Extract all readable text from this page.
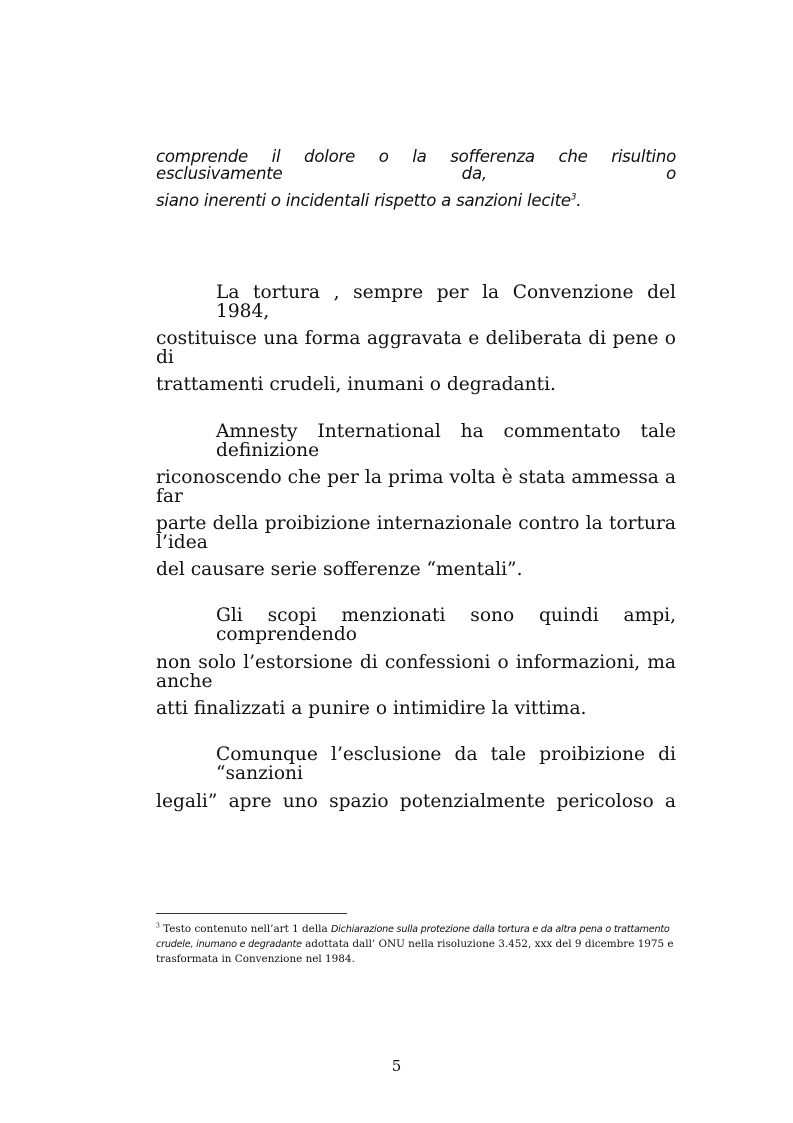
comprende il dolore o la sofferenza che risultino esclusivamente da, o
siano inerenti o incidentali rispetto a sanzioni lecite$^3$.
La tortura , sempre per la Convenzione del 1984,
costituisce una forma aggravata e deliberata di pene o di
trattamenti crudeli, inumani o degradanti.
Amnesty International ha commentato tale definizione
riconoscendo che per la prima volta è stata ammessa a far
parte della proibizione internazionale contro la tortura l’idea
del causare serie sofferenze “mentali”.
Gli scopi menzionati sono quindi ampi, comprendendo
non solo l’estorsione di confessioni o informazioni, ma anche
atti finalizzati a punire o intimidire la vittima.
Comunque l’esclusione da tale proibizione di “sanzioni
legali” apre uno spazio potenzialmente pericoloso a
$^3$ Testo contenuto nell’art 1 della Dichiarazione sulla protezione dalla tortura e da altra pena o trattamento
crudele, inumano e degradante adottata dall’ ONU nella risoluzione 3.452, xxx del 9 dicembre 1975 e
trasformata in Convenzione nel 1984.
5
